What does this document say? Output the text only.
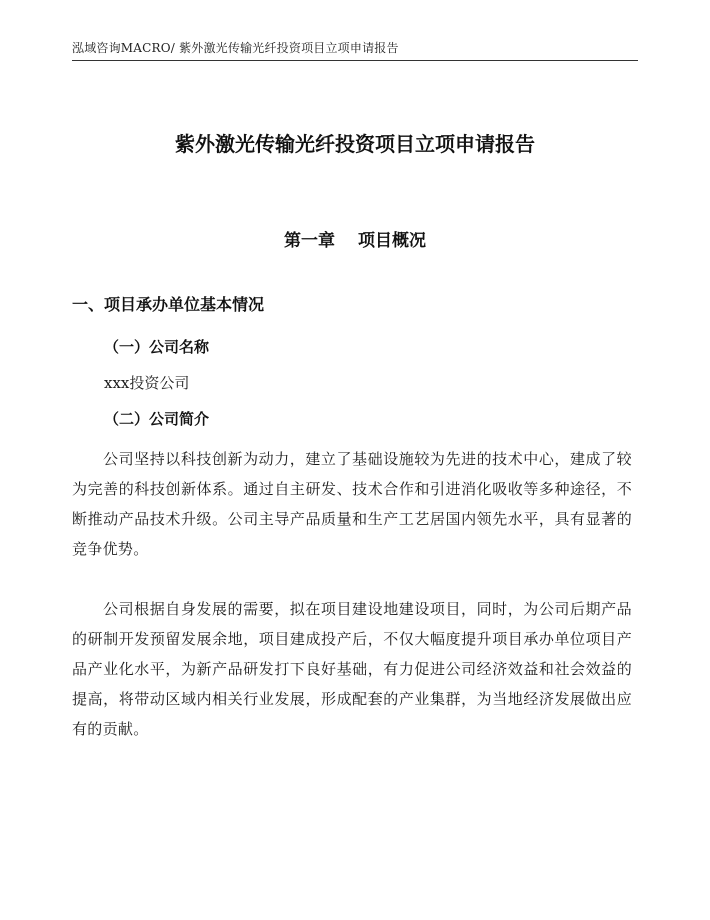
泓域咨询MACRO/ 紫外激光传输光纤投资项目立项申请报告
紫外激光传输光纤投资项目立项申请报告
第一章　 项目概况
一、项目承办单位基本情况
（一）公司名称
xxx投资公司
（二）公司简介

公司坚持以科技创新为动力，建立了基础设施较为先进的技术中心，建成了较为完善的科技创新体系。通过自主研发、技术合作和引进消化吸收等多种途径，不断推动产品技术升级。公司主导产品质量和生产工艺居国内领先水平，具有显著的竞争优势。

公司根据自身发展的需要，拟在项目建设地建设项目，同时，为公司后期产品的研制开发预留发展余地，项目建成投产后，不仅大幅度提升项目承办单位项目产品产业化水平，为新产品研发打下良好基础，有力促进公司经济效益和社会效益的提高，将带动区域内相关行业发展，形成配套的产业集群，为当地经济发展做出应有的贡献。
